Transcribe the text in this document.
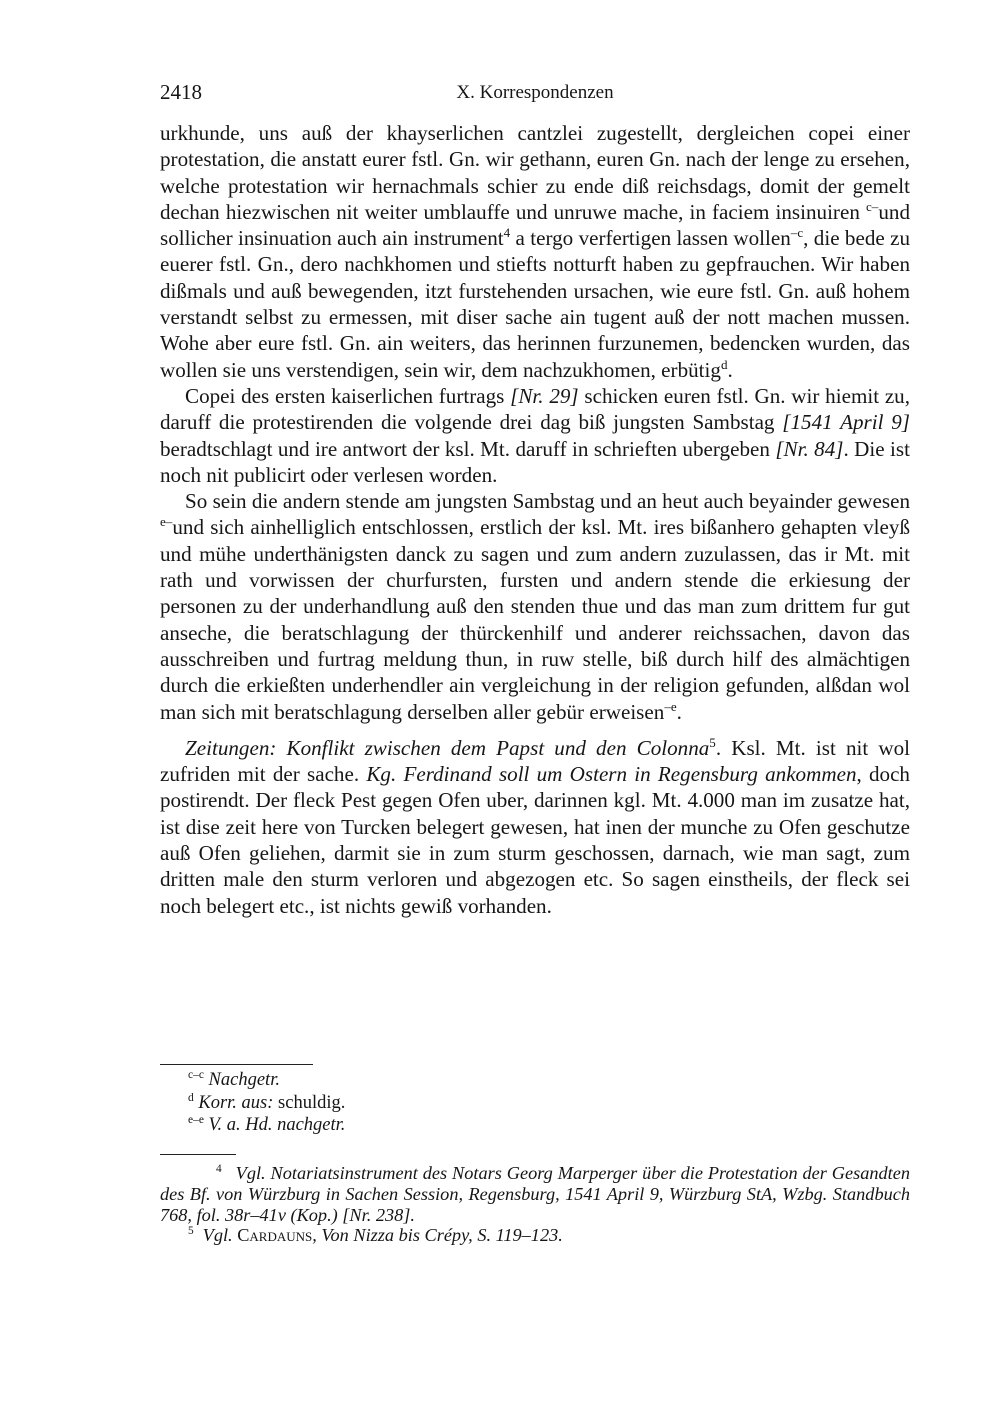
2418	X. Korrespondenzen

urkhunde, uns auß der khayserlichen cantzlei zugestellt, dergleichen copei einer protestation, die anstatt eurer fstl. Gn. wir gethann, euren Gn. nach der lenge zu ersehen, welche protestation wir hernachmals schier zu ende diß reichsdags, domit der gemelt dechan hiezwischen nit weiter umblauffe und unruwe mache, in faciem insinuiren $^{c-}$und sollicher insinuation auch ain instrument$^4$ a tergo verfertigen lassen wollen$^{-c}$, die bede zu euerer fstl. Gn., dero nachkhomen und stiefts notturft haben zu gepfrauchen. Wir haben dißmals und auß bewegenden, itzt furstehenden ursachen, wie eure fstl. Gn. auß hohem verstandt selbst zu ermessen, mit diser sache ain tugent auß der nott machen mussen. Wohe aber eure fstl. Gn. ain weiters, das herinnen furzunemen, bedencken wurden, das wollen sie uns verstendigen, sein wir, dem nachzukhomen, erbütig$^d$.

Copei des ersten kaiserlichen furtrags [Nr. 29] schicken euren fstl. Gn. wir hiemit zu, daruff die protestirenden die volgende drei dag biß jungsten Sambstag [1541 April 9] beradtschlagt und ire antwort der ksl. Mt. daruff in schrieften ubergeben [Nr. 84]. Die ist noch nit publicirt oder verlesen worden.

So sein die andern stende am jungsten Sambstag und an heut auch beyainder gewesen $^{e-}$und sich ainhelliglich entschlossen, erstlich der ksl. Mt. ires bißanhero gehapten vleyß und mühe underthänigsten danck zu sagen und zum andern zuzulassen, das ir Mt. mit rath und vorwissen der churfursten, fursten und andern stende die erkiesung der personen zu der underhandlung auß den stenden thue und das man zum drittem fur gut anseche, die beratschlagung der thürckenhilf und anderer reichssachen, davon das ausschreiben und furtrag meldung thun, in ruw stelle, biß durch hilf des almächtigen durch die erkießten underhendler ain vergleichung in der religion gefunden, alßdan wol man sich mit beratschlagung derselben aller gebür erweisen$^{-e}$.

Zeitungen: Konflikt zwischen dem Papst und den Colonna$^5$. Ksl. Mt. ist nit wol zufriden mit der sache. Kg. Ferdinand soll um Ostern in Regensburg ankommen, doch postirendt. Der fleck Pest gegen Ofen uber, darinnen kgl. Mt. 4.000 man im zusatze hat, ist dise zeit here von Turcken belegert gewesen, hat inen der munche zu Ofen geschutze auß Ofen geliehen, darmit sie in zum sturm geschossen, darnach, wie man sagt, zum dritten male den sturm verloren und abgezogen etc. So sagen einstheils, der fleck sei noch belegert etc., ist nichts gewiß vorhanden.

$^{c-c}$ Nachgetr.
$^d$ Korr. aus: schuldig.
$^{e-e}$ V. a. Hd. nachgetr.

$^4$ Vgl. Notariatsinstrument des Notars Georg Marperger über die Protestation der Gesandten des Bf. von Würzburg in Sachen Session, Regensburg, 1541 April 9, Würzburg StA, Wzbg. Standbuch 768, fol. 38r–41v (Kop.) [Nr. 238].

$^5$ Vgl. Cardauns, Von Nizza bis Crépy, S. 119–123.
